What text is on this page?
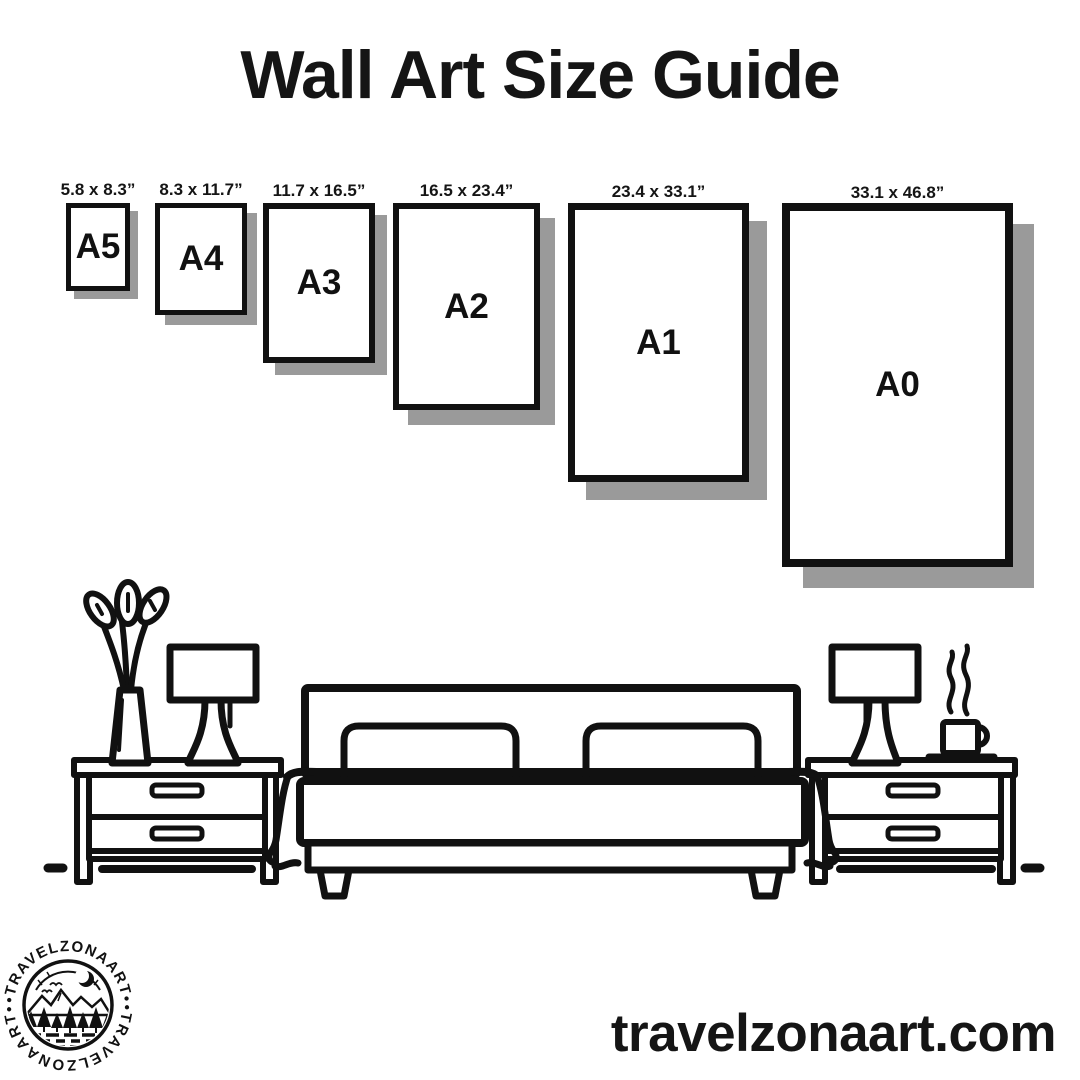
Wall Art Size Guide
5.8 x 8.3”
A5
8.3 x 11.7”
A4
11.7 x 16.5”
A3
16.5 x 23.4”
A2
23.4 x 33.1”
A1
33.1 x 46.8”
A0
•TRAVELZONAART•
•TRAVELZONAART•	travelzonaart.com
